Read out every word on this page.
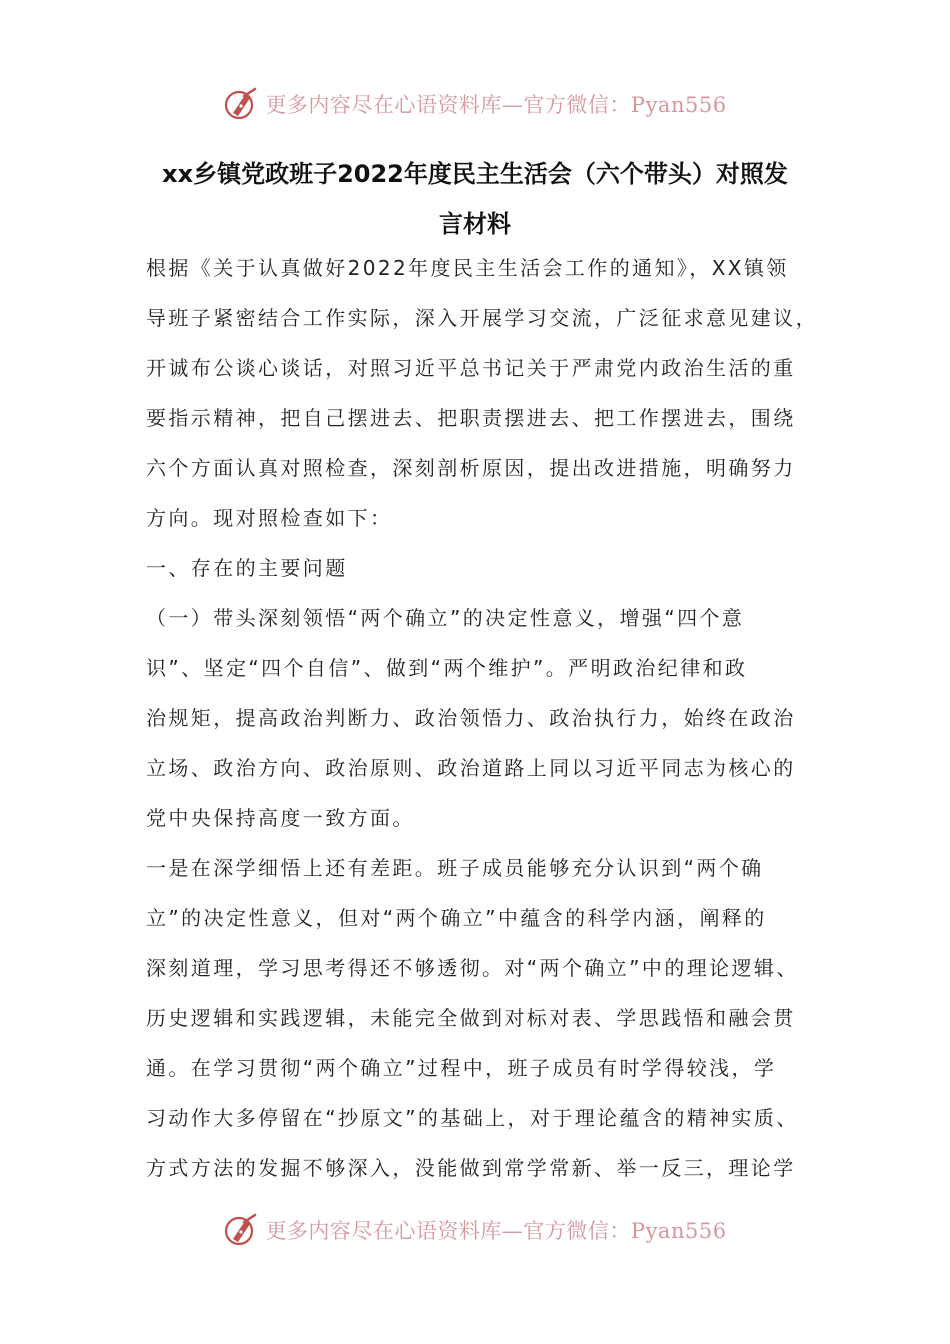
更多内容尽在心语资料库—官方微信：Pyan556
xx乡镇党政班子2022年度民主生活会（六个带头）对照发
言材料
根据《关于认真做好2022年度民主生活会工作的通知》，XX镇领
导班子紧密结合工作实际，深入开展学习交流，广泛征求意见建议，
开诚布公谈心谈话，对照习近平总书记关于严肃党内政治生活的重
要指示精神，把自己摆进去、把职责摆进去、把工作摆进去，围绕
六个方面认真对照检查，深刻剖析原因，提出改进措施，明确努力
方向。现对照检查如下：
一、存在的主要问题
（一）带头深刻领悟“两个确立”的决定性意义，增强“四个意
识”、坚定“四个自信”、做到“两个维护”。严明政治纪律和政
治规矩，提高政治判断力、政治领悟力、政治执行力，始终在政治
立场、政治方向、政治原则、政治道路上同以习近平同志为核心的
党中央保持高度一致方面。
一是在深学细悟上还有差距。班子成员能够充分认识到“两个确
立”的决定性意义，但对“两个确立”中蕴含的科学内涵，阐释的
深刻道理，学习思考得还不够透彻。对“两个确立”中的理论逻辑、
历史逻辑和实践逻辑，未能完全做到对标对表、学思践悟和融会贯
通。在学习贯彻“两个确立”过程中，班子成员有时学得较浅，学
习动作大多停留在“抄原文”的基础上，对于理论蕴含的精神实质、
方式方法的发掘不够深入，没能做到常学常新、举一反三，理论学
更多内容尽在心语资料库—官方微信：Pyan556
